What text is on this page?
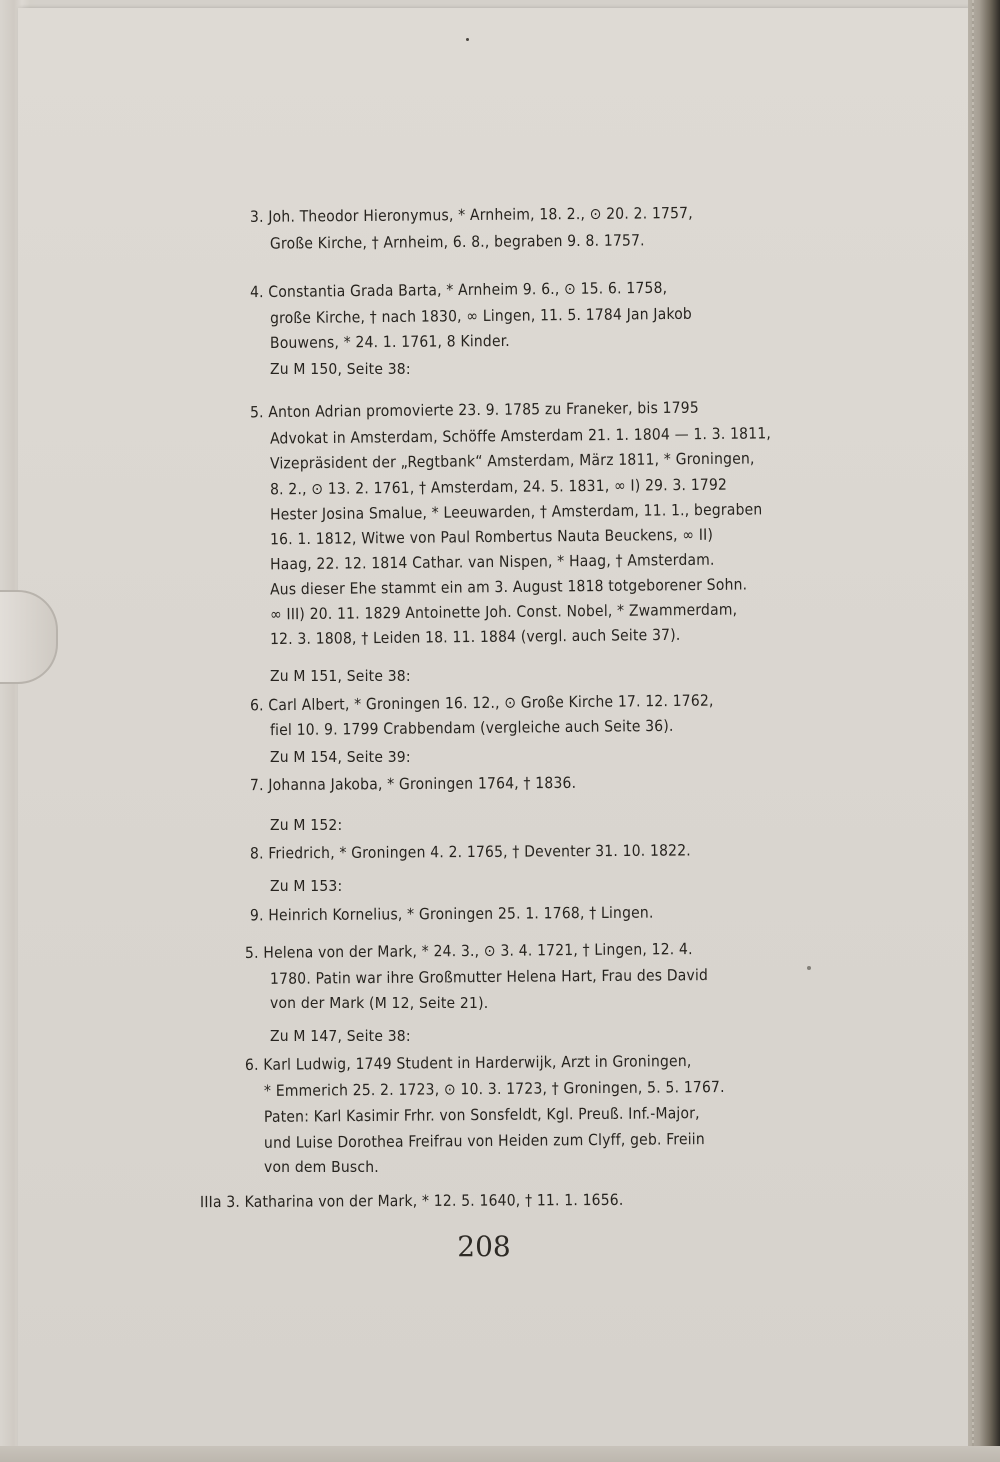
3. Joh. Theodor Hieronymus, * Arnheim, 18. 2., ⊙ 20. 2. 1757,
Große Kirche, † Arnheim, 6. 8., begraben 9. 8. 1757.
4. Constantia Grada Barta, * Arnheim 9. 6., ⊙ 15. 6. 1758,
große Kirche, † nach 1830, ∞ Lingen, 11. 5. 1784 Jan Jakob
Bouwens, * 24. 1. 1761, 8 Kinder.
Zu M 150, Seite 38:
5. Anton Adrian promovierte 23. 9. 1785 zu Franeker, bis 1795
Advokat in Amsterdam, Schöffe Amsterdam 21. 1. 1804 — 1. 3. 1811,
Vizepräsident der „Regtbank“ Amsterdam, März 1811, * Groningen,
8. 2., ⊙ 13. 2. 1761, † Amsterdam, 24. 5. 1831, ∞ I) 29. 3. 1792
Hester Josina Smalue, * Leeuwarden, † Amsterdam, 11. 1., begraben
16. 1. 1812, Witwe von Paul Rombertus Nauta Beuckens, ∞ II)
Haag, 22. 12. 1814 Cathar. van Nispen, * Haag, † Amsterdam.
Aus dieser Ehe stammt ein am 3. August 1818 totgeborener Sohn.
∞ III) 20. 11. 1829 Antoinette Joh. Const. Nobel, * Zwammerdam,
12. 3. 1808, † Leiden 18. 11. 1884 (vergl. auch Seite 37).
Zu M 151, Seite 38:
6. Carl Albert, * Groningen 16. 12., ⊙ Große Kirche 17. 12. 1762,
fiel 10. 9. 1799 Crabbendam (vergleiche auch Seite 36).
Zu M 154, Seite 39:
7. Johanna Jakoba, * Groningen 1764, † 1836.
Zu M 152:
8. Friedrich, * Groningen 4. 2. 1765, † Deventer 31. 10. 1822.
Zu M 153:
9. Heinrich Kornelius, * Groningen 25. 1. 1768, † Lingen.
5. Helena von der Mark, * 24. 3., ⊙ 3. 4. 1721, † Lingen, 12. 4.
1780. Patin war ihre Großmutter Helena Hart, Frau des David
von der Mark (M 12, Seite 21).
Zu M 147, Seite 38:
6. Karl Ludwig, 1749 Student in Harderwijk, Arzt in Groningen,
* Emmerich 25. 2. 1723, ⊙ 10. 3. 1723, † Groningen, 5. 5. 1767.
Paten: Karl Kasimir Frhr. von Sonsfeldt, Kgl. Preuß. Inf.-Major,
und Luise Dorothea Freifrau von Heiden zum Clyff, geb. Freiin
von dem Busch.
IIIa 3. Katharina von der Mark, * 12. 5. 1640, † 11. 1. 1656.
208
